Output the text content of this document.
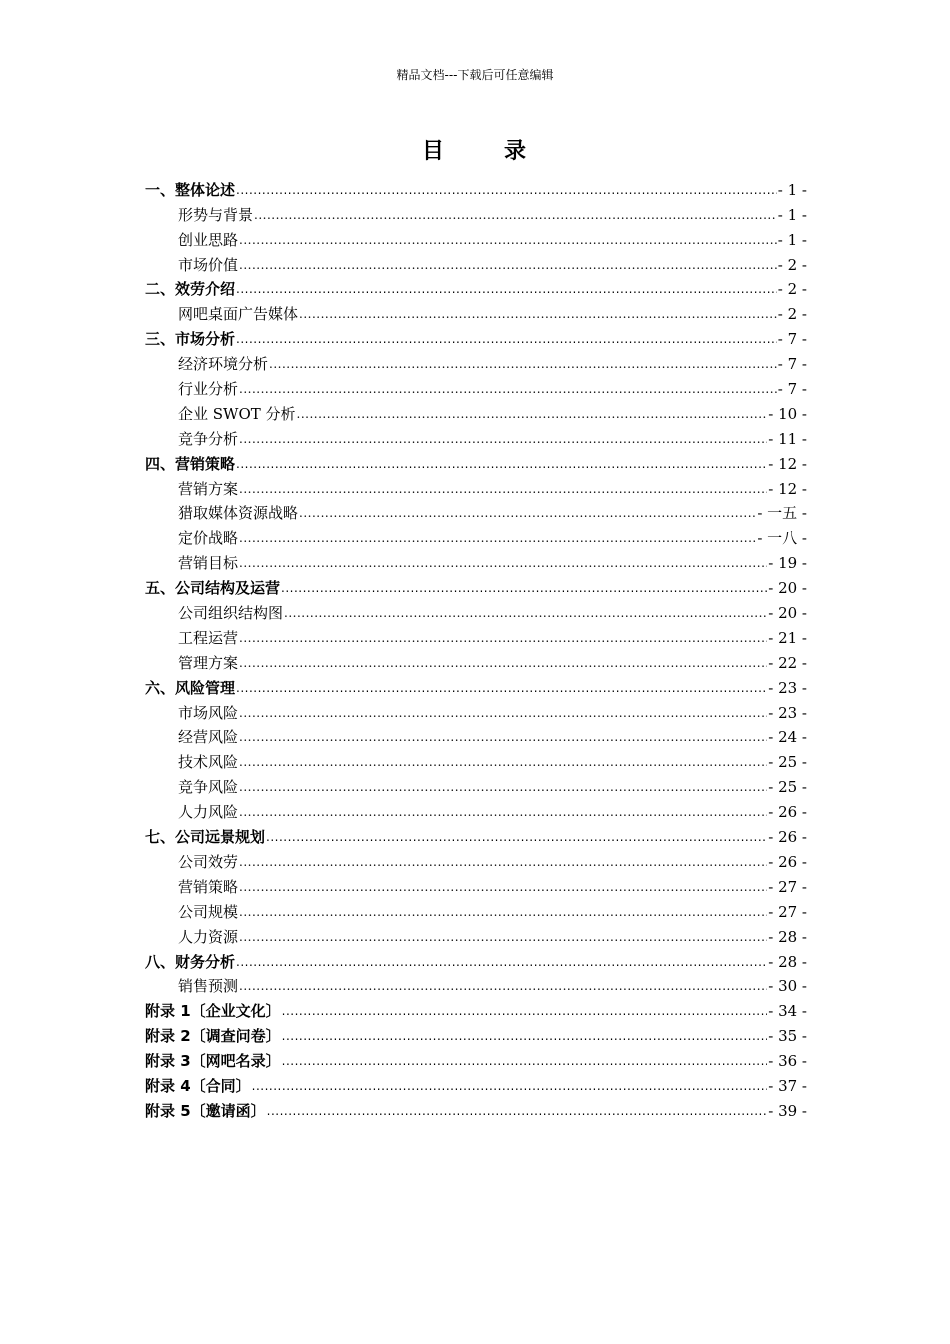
精品文档---下载后可任意编辑
目	录
一、整体论述 .....	- 1 -
形势与背景 .....	- 1 -
创业思路 .....	- 1 -
市场价值 .....	- 2 -
二、效劳介绍 .....	- 2 -
网吧桌面广告媒体 .....	- 2 -
三、市场分析 .....	- 7 -
经济环境分析 .....	- 7 -
行业分析 .....	- 7 -
企业 SWOT 分析 .....	- 10 -
竞争分析 .....	- 11 -
四、营销策略 .....	- 12 -
营销方案 .....	- 12 -
猎取媒体资源战略 .....	- 一五 -
定价战略 .....	- 一八 -
营销目标 .....	- 19 -
五、公司结构及运营 .....	- 20 -
公司组织结构图 .....	- 20 -
工程运营 .....	- 21 -
管理方案 .....	- 22 -
六、风险管理 .....	- 23 -
市场风险 .....	- 23 -
经营风险 .....	- 24 -
技术风险 .....	- 25 -
竞争风险 .....	- 25 -
人力风险 .....	- 26 -
七、公司远景规划 .....	- 26 -
公司效劳 .....	- 26 -
营销策略 .....	- 27 -
公司规模 .....	- 27 -
人力资源 .....	- 28 -
八、财务分析 .....	- 28 -
销售预测 .....	- 30 -
附录 1〔企业文化〕 .....	- 34 -
附录 2〔调查问卷〕 .....	- 35 -
附录 3〔网吧名录〕 .....	- 36 -
附录 4〔合同〕 .....	- 37 -
附录 5〔邀请函〕 .....	- 39 -
